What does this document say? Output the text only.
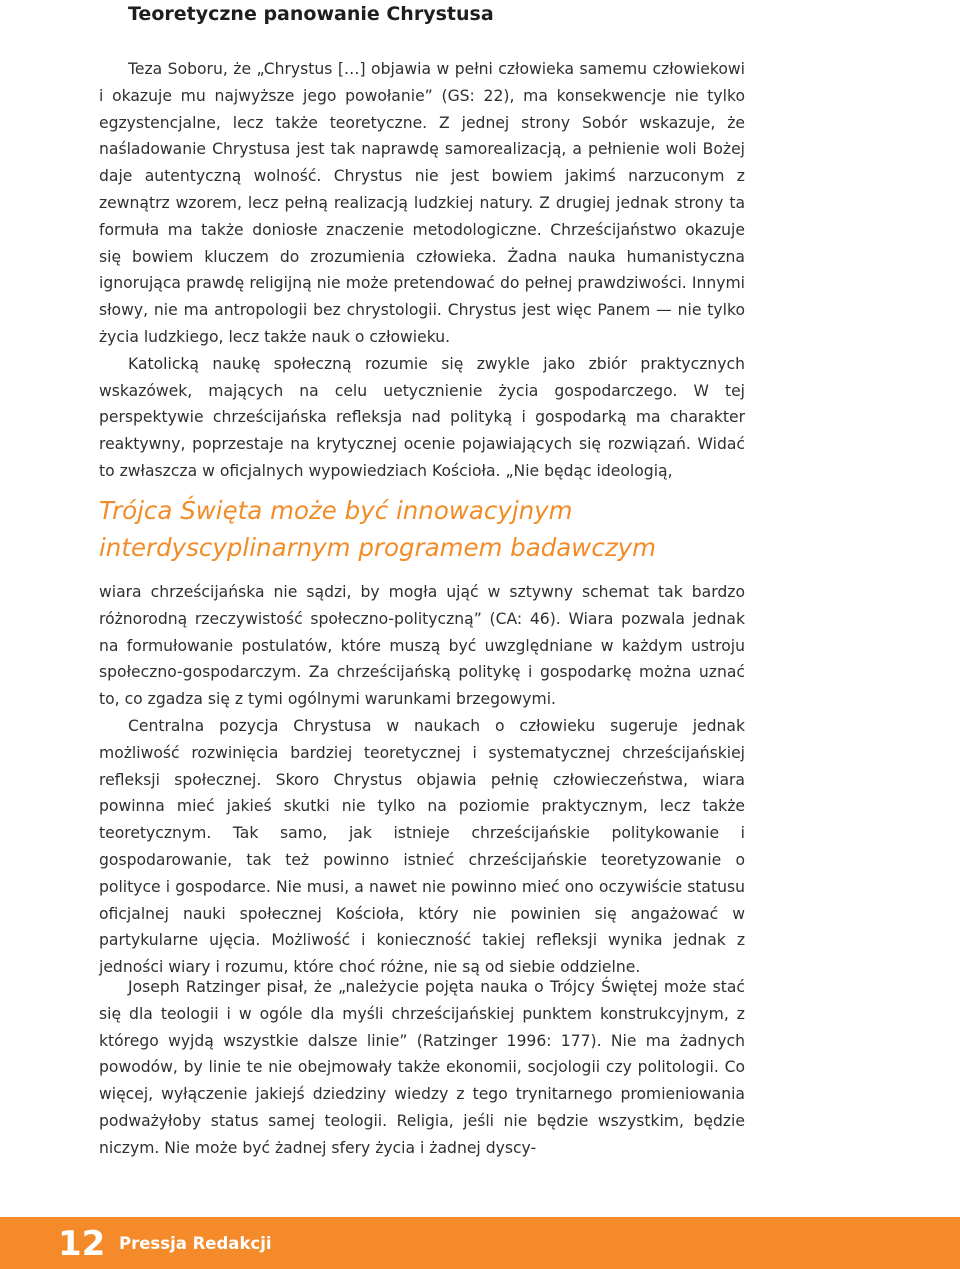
Teoretyczne panowanie Chrystusa

Teza Soboru, że „Chrystus […] objawia w pełni człowieka samemu człowiekowi i okazuje mu najwyższe jego powołanie” (GS: 22), ma konsekwencje nie tylko egzystencjalne, lecz także teoretyczne. Z jednej strony Sobór wskazuje, że naśladowanie Chrystusa jest tak naprawdę samorealizacją, a pełnienie woli Bożej daje autentyczną wolność. Chrystus nie jest bowiem jakimś narzuconym z zewnątrz wzorem, lecz pełną realizacją ludzkiej natury. Z drugiej jednak strony ta formuła ma także doniosłe znaczenie metodologiczne. Chrześcijaństwo okazuje się bowiem kluczem do zrozumienia człowieka. Żadna nauka humanistyczna ignorująca prawdę religijną nie może pretendować do pełnej prawdziwości. Innymi słowy, nie ma antropologii bez chrystologii. Chrystus jest więc Panem — nie tylko życia ludzkiego, lecz także nauk o człowieku.

Katolicką naukę społeczną rozumie się zwykle jako zbiór praktycznych wskazówek, mających na celu uetycznienie życia gospodarczego. W tej perspektywie chrześcijańska refleksja nad polityką i gospodarką ma charakter reaktywny, poprzestaje na krytycznej ocenie pojawiających się rozwiązań. Widać to zwłaszcza w oficjalnych wypowiedziach Kościoła. „Nie będąc ideologią,

Trójca Święta może być innowacyjnym interdyscyplinarnym programem badawczym

wiara chrześcijańska nie sądzi, by mogła ująć w sztywny schemat tak bardzo różnorodną rzeczywistość społeczno-polityczną” (CA: 46). Wiara pozwala jednak na formułowanie postulatów, które muszą być uwzględniane w każdym ustroju społeczno-gospodarczym. Za chrześcijańską politykę i gospodarkę można uznać to, co zgadza się z tymi ogólnymi warunkami brzegowymi.

Centralna pozycja Chrystusa w naukach o człowieku sugeruje jednak możliwość rozwinięcia bardziej teoretycznej i systematycznej chrześcijańskiej refleksji społecznej. Skoro Chrystus objawia pełnię człowieczeństwa, wiara powinna mieć jakieś skutki nie tylko na poziomie praktycznym, lecz także teoretycznym. Tak samo, jak istnieje chrześcijańskie politykowanie i gospodarowanie, tak też powinno istnieć chrześcijańskie teoretyzowanie o polityce i gospodarce. Nie musi, a nawet nie powinno mieć ono oczywiście statusu oficjalnej nauki społecznej Kościoła, który nie powinien się angażować w partykularne ujęcia. Możliwość i konieczność takiej refleksji wynika jednak z jedności wiary i rozumu, które choć różne, nie są od siebie oddzielne.

Joseph Ratzinger pisał, że „należycie pojęta nauka o Trójcy Świętej może stać się dla teologii i w ogóle dla myśli chrześcijańskiej punktem konstrukcyjnym, z którego wyjdą wszystkie dalsze linie” (Ratzinger 1996: 177). Nie ma żadnych powodów, by linie te nie obejmowały także ekonomii, socjologii czy politologii. Co więcej, wyłączenie jakiejś dziedziny wiedzy z tego trynitarnego promieniowania podważyłoby status samej teologii. Religia, jeśli nie będzie wszystkim, będzie niczym. Nie może być żadnej sfery życia i żadnej dyscy-

12 Pressja Redakcji
